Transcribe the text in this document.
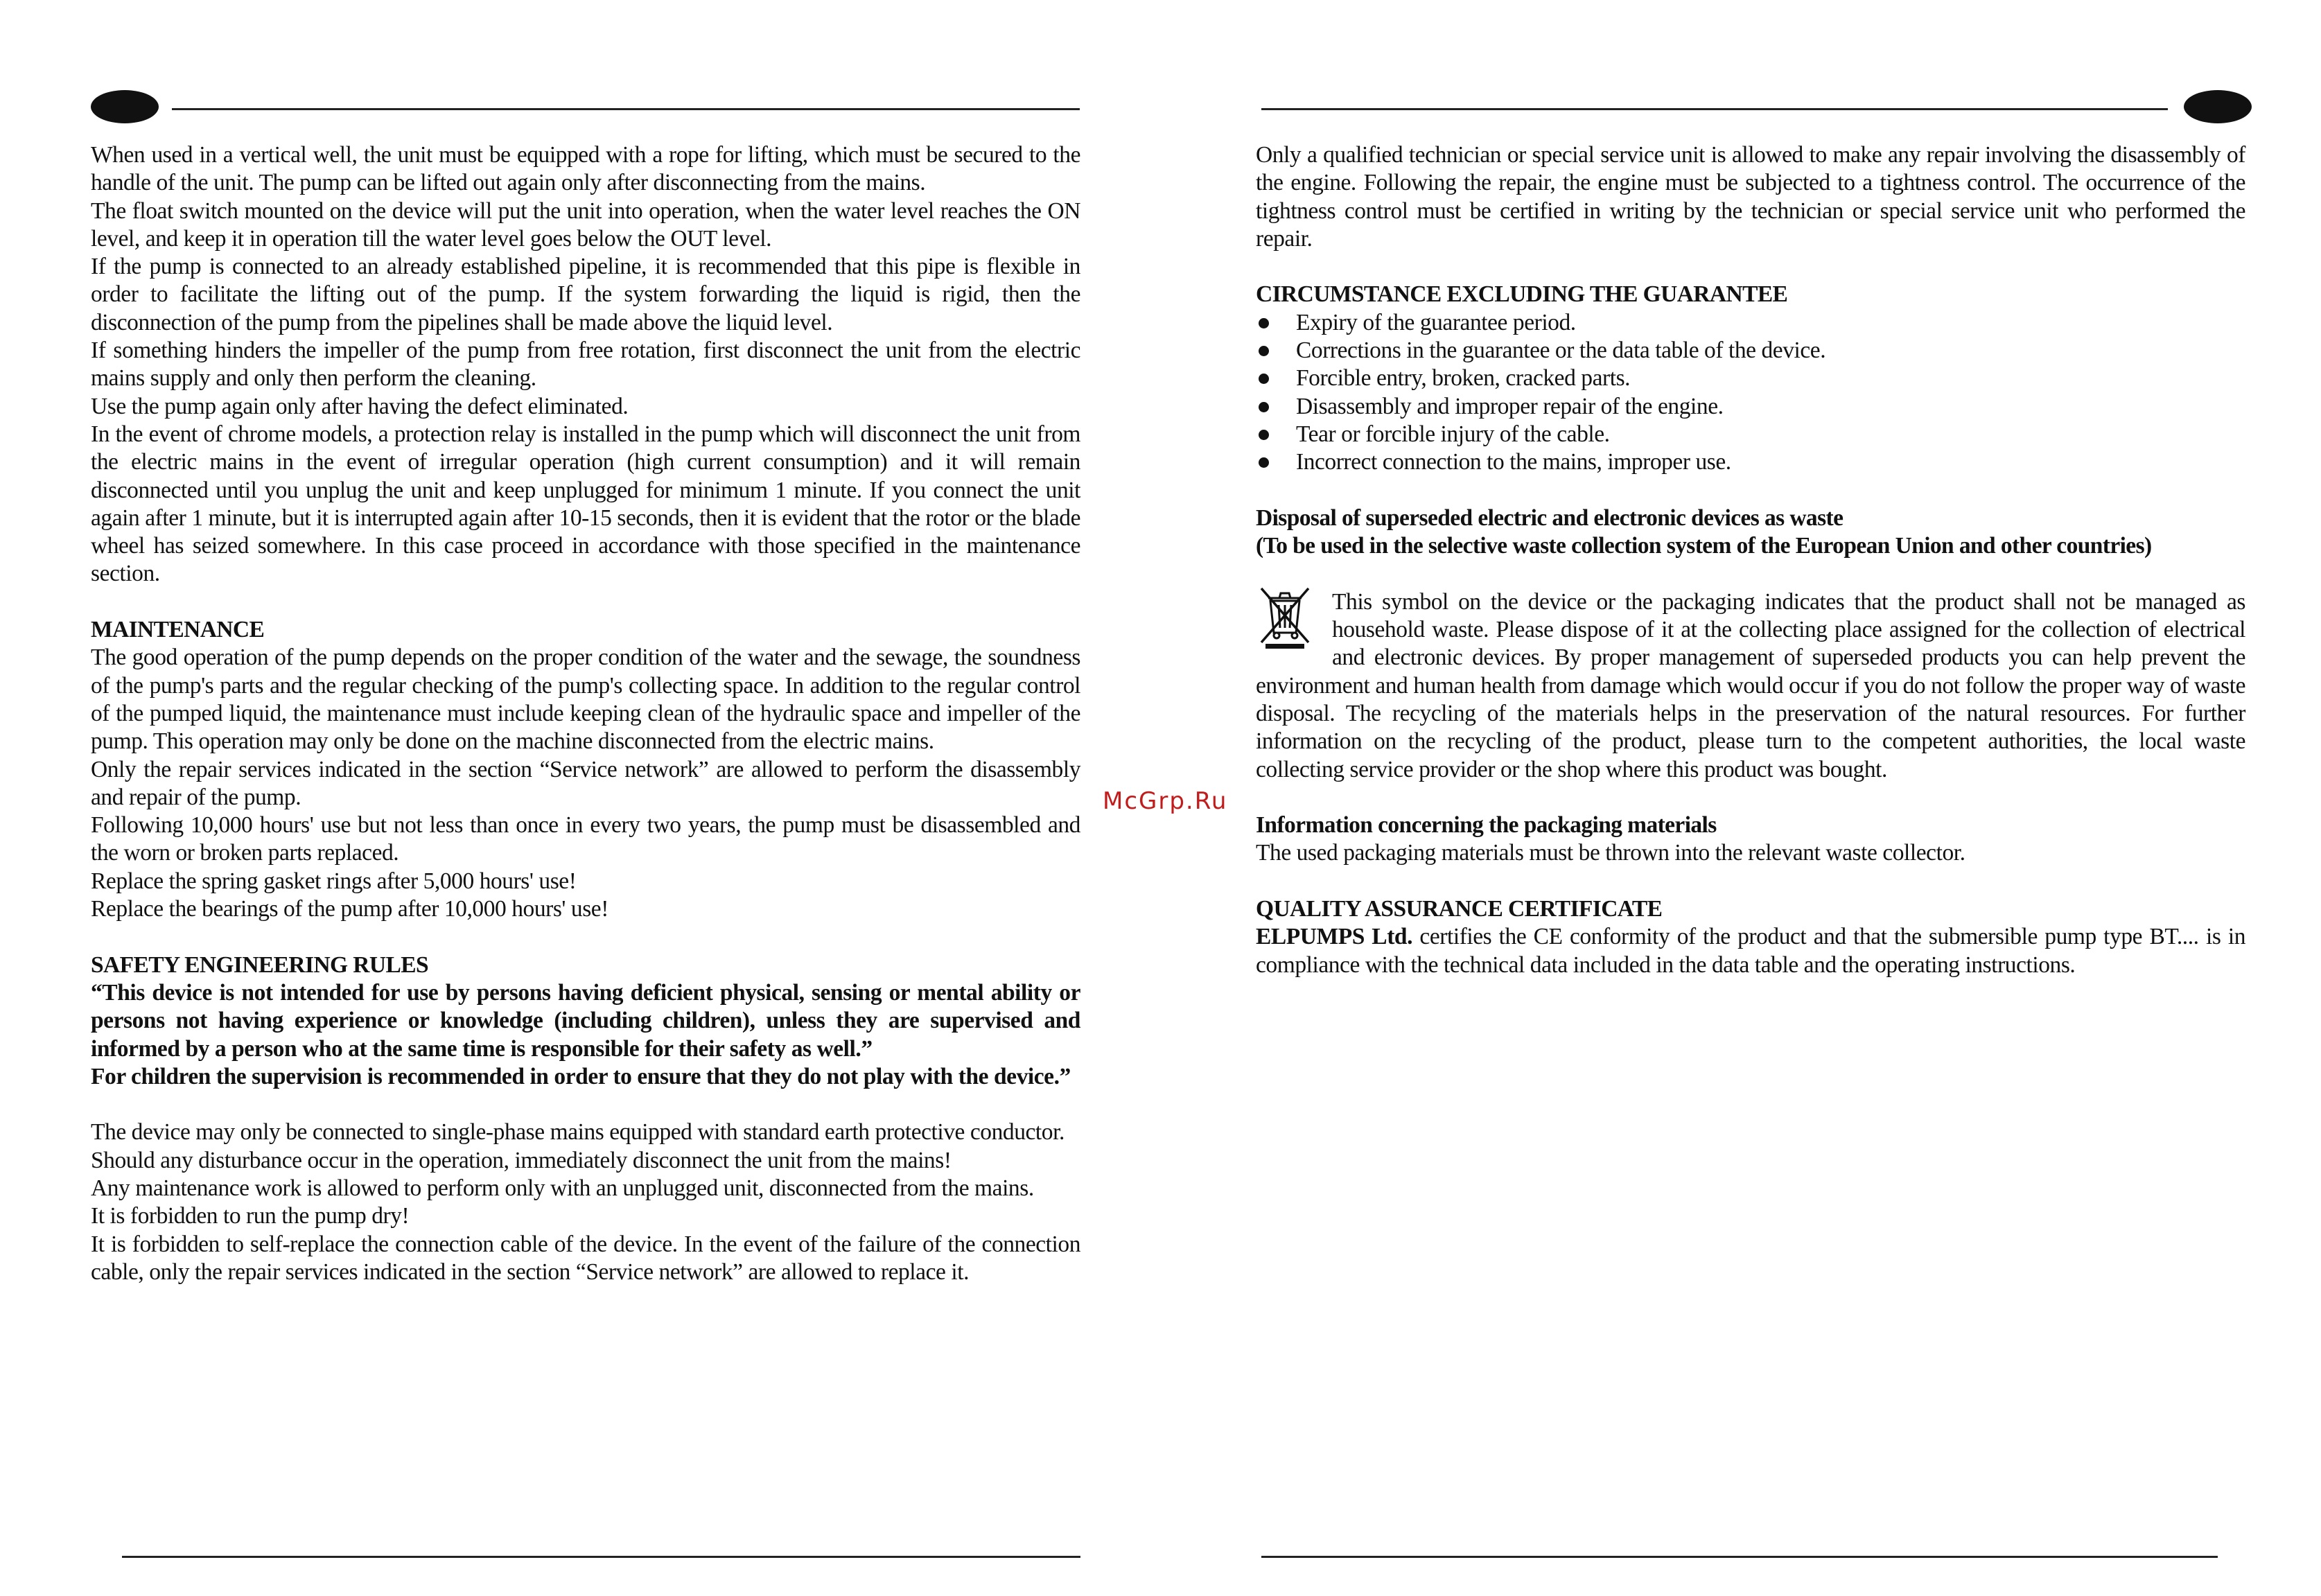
When used in a vertical well, the unit must be equipped with a rope for lifting, which must be secured to the handle of the unit. The pump can be lifted out again only after disconnecting from the mains.

The float switch mounted on the device will put the unit into operation, when the water level reaches the ON level, and keep it in operation till the water level goes below the OUT level.

If the pump is connected to an already established pipeline, it is recommended that this pipe is flexible in order to facilitate the lifting out of the pump. If the system forwarding the liquid is rigid, then the disconnection of the pump from the pipelines shall be made above the liquid level.

If something hinders the impeller of the pump from free rotation, first disconnect the unit from the electric mains supply and only then perform the cleaning.

Use the pump again only after having the defect eliminated.

In the event of chrome models, a protection relay is installed in the pump which will disconnect the unit from the electric mains in the event of irregular operation (high current consumption) and it will remain disconnected until you unplug the unit and keep unplugged for minimum 1 minute. If you connect the unit again after 1 minute, but it is interrupted again after 10-15 seconds, then it is evident that the rotor or the blade wheel has seized somewhere. In this case proceed in accordance with those specified in the maintenance section.

MAINTENANCE

The good operation of the pump depends on the proper condition of the water and the sewage, the soundness of the pump's parts and the regular checking of the pump's collecting space. In addition to the regular control of the pumped liquid, the maintenance must include keeping clean of the hydraulic space and impeller of the pump. This operation may only be done on the machine disconnected from the electric mains.

Only the repair services indicated in the section “Service network” are allowed to perform the disassembly and repair of the pump.

Following 10,000 hours' use but not less than once in every two years, the pump must be disassembled and the worn or broken parts replaced.

Replace the spring gasket rings after 5,000 hours' use!

Replace the bearings of the pump after 10,000 hours' use!

SAFETY ENGINEERING RULES

“This device is not intended for use by persons having deficient physical, sensing or mental ability or persons not having experience or knowledge (including children), unless they are supervised and informed by a person who at the same time is responsible for their safety as well.”

For children the supervision is recommended in order to ensure that they do not play with the device.”

The device may only be connected to single-phase mains equipped with standard earth protective conductor.

Should any disturbance occur in the operation, immediately disconnect the unit from the mains!

Any maintenance work is allowed to perform only with an unplugged unit, disconnected from the mains.

It is forbidden to run the pump dry!

It is forbidden to self-replace the connection cable of the device. In the event of the failure of the connection cable, only the repair services indicated in the section “Service network” are allowed to replace it.

McGrp.Ru

Only a qualified technician or special service unit is allowed to make any repair involving the disassembly of the engine. Following the repair, the engine must be subjected to a tightness control. The occurrence of the tightness control must be certified in writing by the technician or special service unit who performed the repair.

CIRCUMSTANCE EXCLUDING THE GUARANTEE
Expiry of the guarantee period.
Corrections in the guarantee or the data table of the device.
Forcible entry, broken, cracked parts.
Disassembly and improper repair of the engine.
Tear or forcible injury of the cable.
Incorrect connection to the mains, improper use.
Disposal of superseded electric and electronic devices as waste
(To be used in the selective waste collection system of the European Union and other countries)

This symbol on the device or the packaging indicates that the product shall not be managed as household waste. Please dispose of it at the collecting place assigned for the collection of electrical and electronic devices. By proper management of superseded products you can help prevent the environment and human health from damage which would occur if you do not follow the proper way of waste disposal. The recycling of the materials helps in the preservation of the natural resources. For further information on the recycling of the product, please turn to the competent authorities, the local waste collecting service provider or the shop where this product was bought.

Information concerning the packaging materials

The used packaging materials must be thrown into the relevant waste collector.

QUALITY ASSURANCE CERTIFICATE

ELPUMPS Ltd. certifies the CE conformity of the product and that the submersible pump type BT.... is in compliance with the technical data included in the data table and the operating instructions.
